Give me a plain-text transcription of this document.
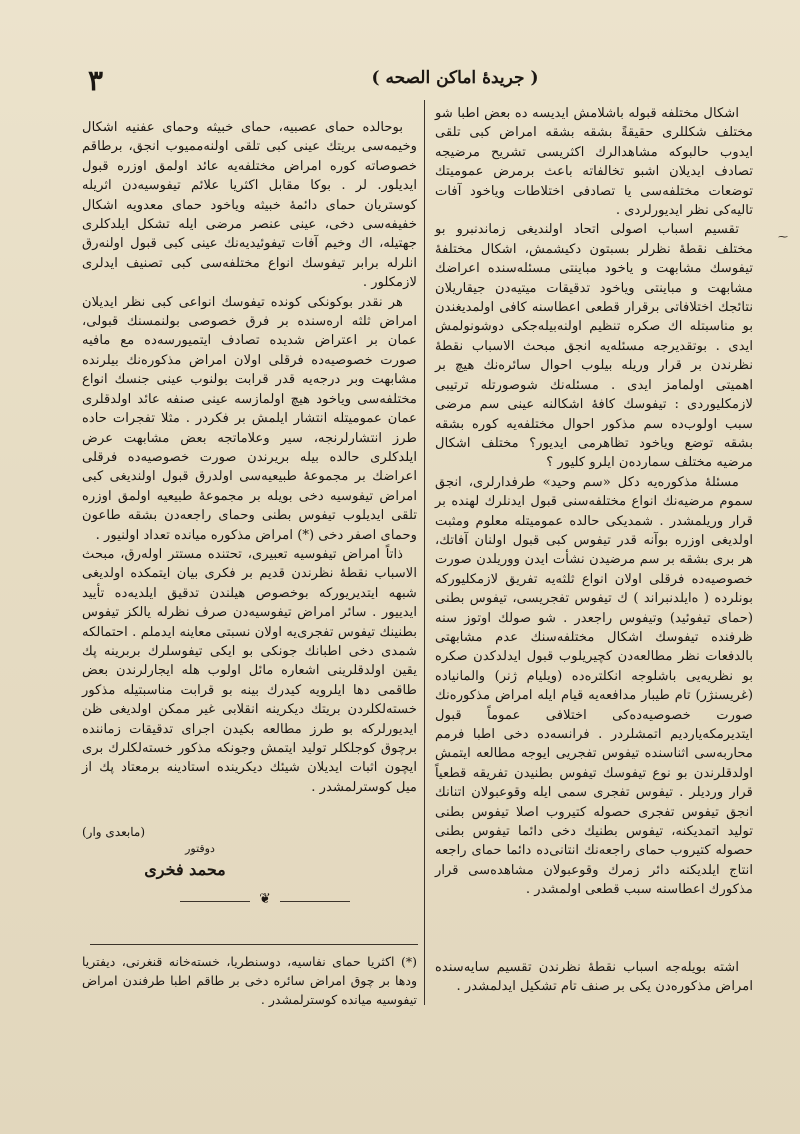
٣	( جريدهٔ اماكن الصحه )

اشكال مختلفه قبوله باشلامش ايديسه ده بعض اطبا شو مختلف شكللرى حقيقةً بشقه بشقه امراض كبى تلقى ايدوب حالبوكه مشاهدالرك اكثريسى تشريح مرضيجه تصادف ايديلان اشبو تخالفاته باعث برمرض عموميتك توضعات مختلفه‌سى يا تصادفى اختلاطات وياخود آفات تاليه‌كى نظر ايديورلردى .

تقسيم اسباب اصولى اتحاد اولنديغى زماندنبرو بو مختلف نقطهٔ نظرلر بسبتون دكيشمش، اشكال مختلفهٔ تيفوسك مشابهت و ياخود مباينتى مسئله‌سنده اعراضك مشابهت و مباينتى وياخود تدقيقات ميتيه‌دن جيقاريلان نتائجك اختلافاتى برقرار قطعى اعطاسنه كافى اولمديغندن بو مناسبتله اك صكره تنظيم اولنه‌بيله‌جكى دوشونولمش ايدى . بوتقديرجه مسئله‌يه انجق مبحث الاسباب نقطهٔ نظرندن بر قرار وريله بيلوب احوال سائره‌نك هيچ بر اهميتى اولمامز ايدى . مسئله‌نك شوصورتله ترتيبى لازمكليوردى : تيفوسك كافهٔ اشكالنه عينى سم مرضى سبب اولوب‌ده سم مذكور احوال مختلفه‌يه كوره بشقه بشقه توضع وياخود تظاهرمى ايديور؟ مختلف اشكال مرضيه مختلف سمارده‌ن ايلرو كليور ؟

مسئلهٔ مذكوره‌يه دكل «سم وحيد» طرفدارلرى، انجق سموم مرضيه‌نك انواع مختلفه‌سنى قبول ايدنلرك لهنده بر قرار وريلمشدر . شمديكى حالده عموميتله معلوم ومثبت اولديغى اوزره بوآنه قدر تيفوس كبى قبول اولنان آفاتك، هر برى بشقه بر سم مرضيدن نشأت ايدن ووريلدن صورت خصوصيه‌ده فرقلى اولان انواع ثلثه‌يه تفريق لازمكليوركه بونلرده ( ه‌ايلدنبراند ) ك تيفوس تفجريسى، تيفوس بطنى (حماى تيفوئيد) وتيفوس راجعدر . شو صولك اوتوز سنه ظرفنده تيفوسك اشكال مختلفه‌سنك عدم مشابهتى بالدفعات نظر مطالعه‌دن كچيريلوب قبول ايدلدكدن صكره بو نظريه‌يى باشلوجه انكلتره‌ده (ويليام ژنر) والمانياده (غريسنژر) تام طيبار مدافعه‌يه قيام ايله امراض مذكوره‌نك صورت خصوصيه‌ده‌كى اختلافى عموماً قبول ايتديرمكه‌يارديم اتمشلردر . فرانسه‌ده دخى اطبا فرمم محاربه‌سى اثناسنده تيفوس تفجريى ايوجه مطالعه ايتمش اولدقلرندن بو نوع تيفوسك تيفوس بطنيدن تفريقه قطعياً قرار ورديلر . تيفوس تفجرى سمى ايله وقوعبولان اتنانك انجق تيفوس تفجرى حصوله كتيروب اصلا تيفوس بطنى توليد اتمديكنه، تيفوس بطنيك دخى دائما تيفوس بطنى حصوله كتيروب حماى راجعه‌نك انتانى‌ده دائما حماى راجعه انتاج ايلديكنه دائر زمرك وقوعبولان مشاهده‌سى قرار مذكورك اعطاسنه سبب قطعى اولمشدر .

بوحالده حماى عصبيه، حماى خبيثه وحماى عفنيه اشكال وخيمه‌سى بريتك عينى كبى تلقى اولنه‌مميوب انجق، برطاقم خصوصاته كوره امراض مختلفه‌يه عائد اولمق اوزره قبول ايديلور. لر . بوكا مقابل اكثريا علائم تيفوسيه‌دن اثريله كوستريان حماى دائمهٔ خبيثه وياخود حماى معدويه اشكال خفيفه‌سى دخى، عينى عنصر مرضى ايله تشكل ايلدكلرى جهتيله، اك وخيم آفات تيفوئيديه‌نك عينى كبى قبول اولنه‌رق انلرله برابر تيفوسك انواع مختلفه‌سى كبى تصنيف ايدلرى لازمكلور .

هر نقدر بوكونكى كونده تيفوسك انواعى كبى نظر ايديلان امراض ثلثه اره‌سنده بر فرق خصوصى بولنمسنك قبولى، عمان بر اعتراض شديده تصادف ايتميورسه‌ده مع مافيه صورت خصوصيه‌ده فرقلى اولان امراض مذكوره‌نك بيلرنده مشابهت وبر درجه‌يه قدر قرابت بولنوب عينى جنسك انواع مختلفه‌سى وياخود هيچ اولمازسه عينى صنفه عائد اولدقلرى عمان عموميتله انتشار ايلمش بر فكردر . مثلا تفجرات حاده طرز انتشارلرنجه، سير وعلاماتجه بعض مشابهت عرض ايلدكلرى حالده بيله بريرندن صورت خصوصيه‌ده فرقلى اعراضك بر مجموعهٔ طبيعيه‌سى اولدرق قبول اولنديغى كبى امراض تيفوسيه دخى بويله بر مجموعهٔ طبيعيه اولمق اوزره تلقى ايديلوب تيفوس بطنى وحماى راجعه‌دن بشقه طاعون وحماى اصفر دخى (*) امراض مذكوره ميانده تعداد اولنيور .

ذاتاً امراض تيفوسيه تعبيرى، تحتنده مستتر اوله‌رق، مبحث الاسباب نقطهٔ نظرندن قديم بر فكرى بيان ايتمكده اولديغى شبهه ايتديريوركه بوخصوص هيلندن تدقيق ايلديه‌ده تأييد ايدييور . سائر امراض تيفوسيه‌دن صرف نظرله يالكز تيفوس بطنينك تيفوس تفجرى‌يه اولان نسبتى معاينه ايدملم . احتمالكه شمدى دخى اطبانك جونكى بو ايكى تيفوسلرك بربرينه پك يقين اولدقلرينى اشعاره مائل اولوب هله ايجارلرندن بعض طاقمى دها ايلرويه كيدرك بينه بو قرابت مناسبتيله مذكور خسته‌لكلردن بريتك ديكرينه انقلابى غير ممكن اولديغى ظن ايديورلركه بو طرز مطالعه بكيدن اجراى تدقيقات زماننده برچوق كوجلكلر توليد ايتمش وجونكه مذكور خسته‌لكلرك برى ايچون اثبات ايديلان شيئك ديكرينده استادينه برمعتاد پك از ميل كوسترلمشدر .

(مابعدى وار)
دوقتور
محمد فخرى
❦

(*) اكثريا حماى نفاسيه، دوسنطريا، خسته‌خانه قنغرنى، ديفتريا ودها بر چوق امراض سائره دخى بر طاقم اطبا طرفندن امراض تيفوسيه ميانده كوسترلمشدر .

اشته بويله‌جه اسباب نقطهٔ نظرندن تقسيم سايه‌سنده امراض مذكوره‌دن يكى بر صنف تام تشكيل ايدلمشدر .

⁓
